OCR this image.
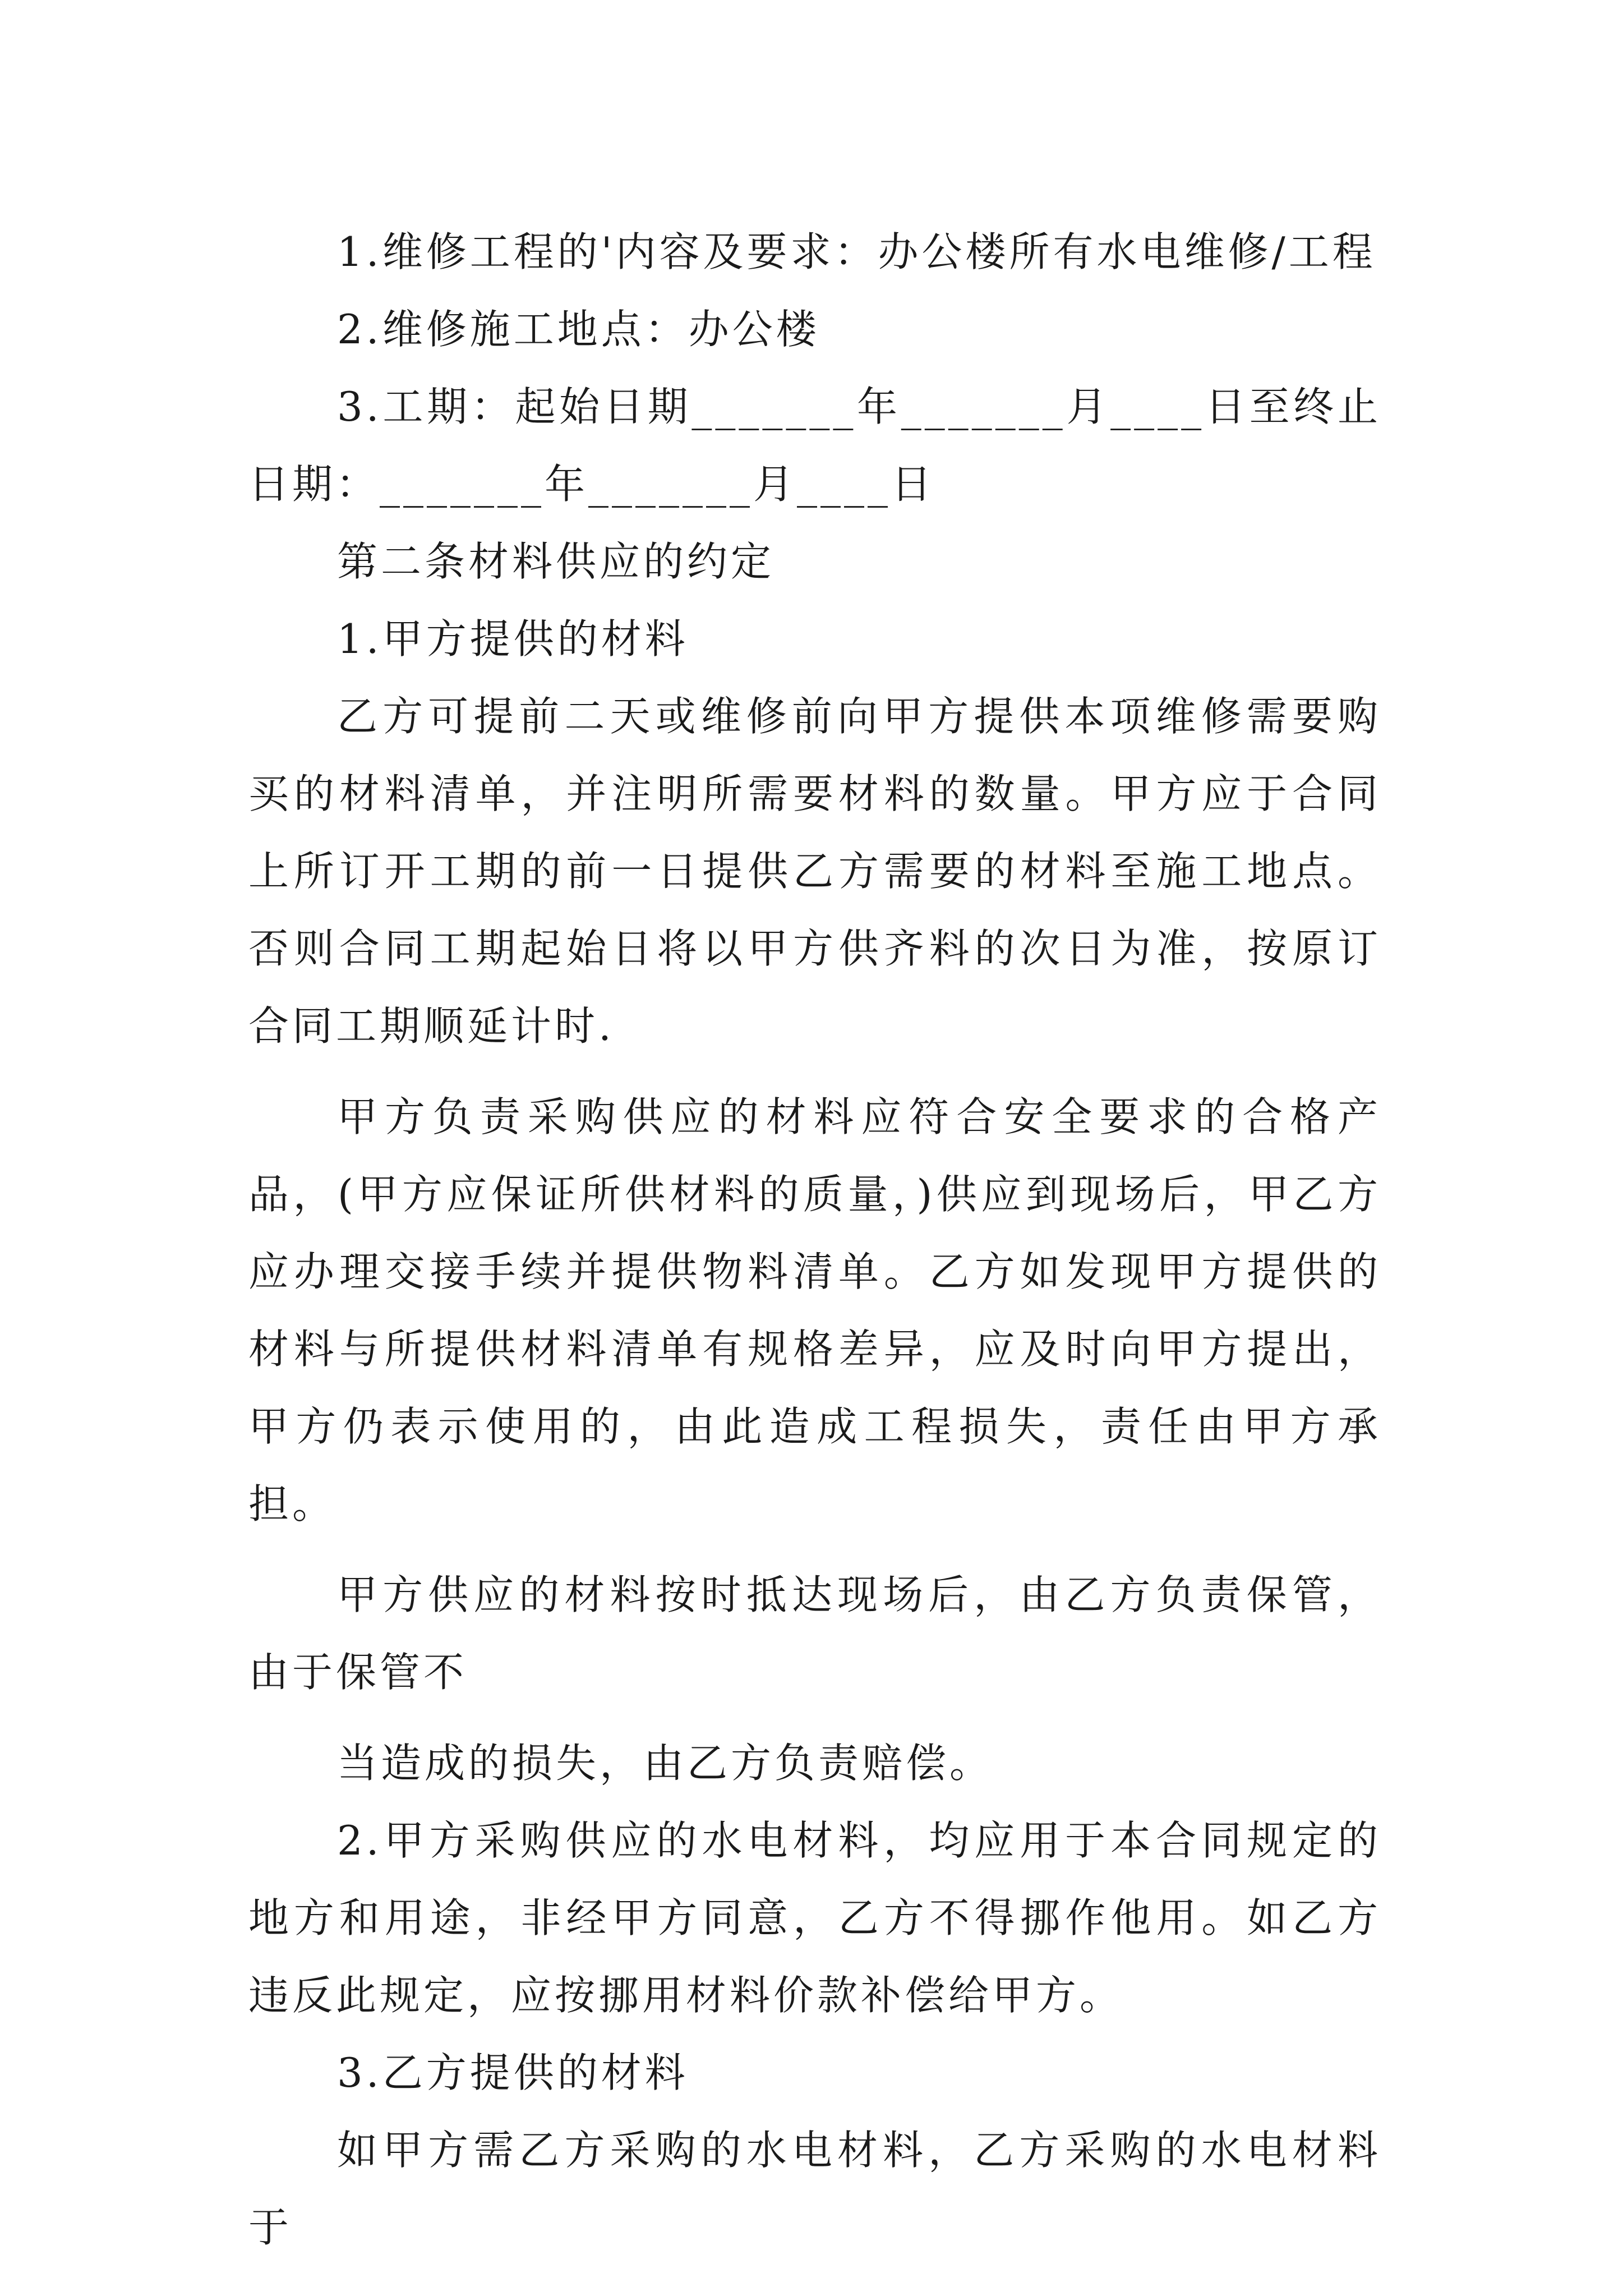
1.维修工程的'内容及要求：办公楼所有水电维修/工程

2.维修施工地点：办公楼

3.工期：起始日期_______年_______月____日至终止日期：_______年_______月____日

第二条材料供应的约定

1.甲方提供的材料

乙方可提前二天或维修前向甲方提供本项维修需要购买的材料清单，并注明所需要材料的数量。甲方应于合同上所订开工期的前一日提供乙方需要的材料至施工地点。否则合同工期起始日将以甲方供齐料的次日为准，按原订合同工期顺延计时.

甲方负责采购供应的材料应符合安全要求的合格产品，(甲方应保证所供材料的质量，)供应到现场后，甲乙方应办理交接手续并提供物料清单。乙方如发现甲方提供的材料与所提供材料清单有规格差异，应及时向甲方提出，甲方仍表示使用的，由此造成工程损失，责任由甲方承担。

甲方供应的材料按时抵达现场后，由乙方负责保管，由于保管不

当造成的损失，由乙方负责赔偿。

2.甲方采购供应的水电材料，均应用于本合同规定的地方和用途，非经甲方同意，乙方不得挪作他用。如乙方违反此规定，应按挪用材料价款补偿给甲方。

3.乙方提供的材料

如甲方需乙方采购的水电材料，乙方采购的水电材料于
